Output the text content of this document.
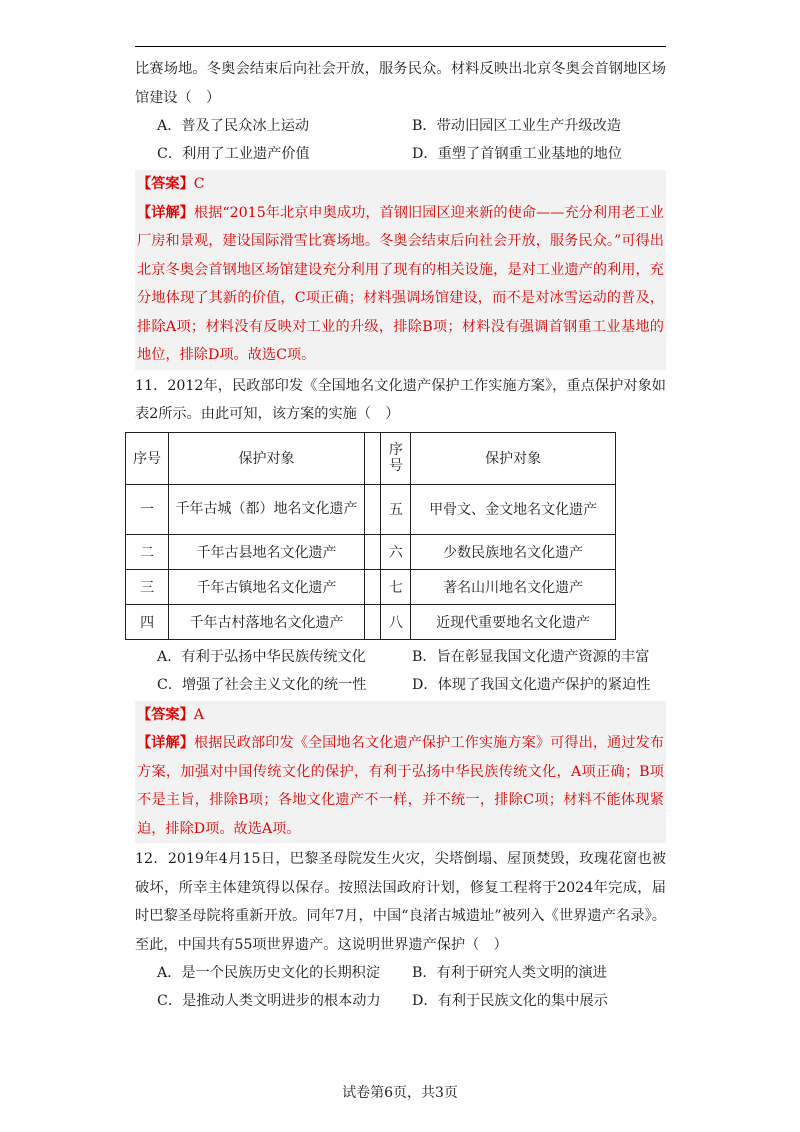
比赛场地。冬奥会结束后向社会开放，服务民众。材料反映出北京冬奥会首钢地区场馆建设（　）

A．普及了民众冰上运动	B．带动旧园区工业生产升级改造
C．利用了工业遗产价值	D．重塑了首钢重工业基地的地位
【答案】C
【详解】根据“2015年北京申奥成功，首钢旧园区迎来新的使命——充分利用老工业厂房和景观，建设国际滑雪比赛场地。冬奥会结束后向社会开放，服务民众。”可得出北京冬奥会首钢地区场馆建设充分利用了现有的相关设施，是对工业遗产的利用，充分地体现了其新的价值，C项正确；材料强调场馆建设，而不是对冰雪运动的普及，排除A项；材料没有反映对工业的升级，排除B项；材料没有强调首钢重工业基地的地位，排除D项。故选C项。

11．2012年，民政部印发《全国地名文化遗产保护工作实施方案》，重点保护对象如表2所示。由此可知，该方案的实施（　）

序号	保护对象		序号	保护对象
一	千年古城（都）地名文化遗产		五	甲骨文、金文地名文化遗产
二	千年古县地名文化遗产		六	少数民族地名文化遗产
三	千年古镇地名文化遗产		七	著名山川地名文化遗产
四	千年古村落地名文化遗产		八	近现代重要地名文化遗产
A．有利于弘扬中华民族传统文化	B．旨在彰显我国文化遗产资源的丰富
C．增强了社会主义文化的统一性	D．体现了我国文化遗产保护的紧迫性
【答案】A
【详解】根据民政部印发《全国地名文化遗产保护工作实施方案》可得出，通过发布方案，加强对中国传统文化的保护，有利于弘扬中华民族传统文化，A项正确；B项不是主旨，排除B项；各地文化遗产不一样，并不统一，排除C项；材料不能体现紧迫，排除D项。故选A项。

12．2019年4月15日，巴黎圣母院发生火灾，尖塔倒塌、屋顶焚毁，玫瑰花窗也被破坏，所幸主体建筑得以保存。按照法国政府计划，修复工程将于2024年完成，届时巴黎圣母院将重新开放。同年7月，中国“良渚古城遗址”被列入《世界遗产名录》。至此，中国共有55项世界遗产。这说明世界遗产保护（　）

A．是一个民族历史文化的长期积淀	B．有利于研究人类文明的演进
C．是推动人类文明进步的根本动力	D．有利于民族文化的集中展示
试卷第6页，共3页
